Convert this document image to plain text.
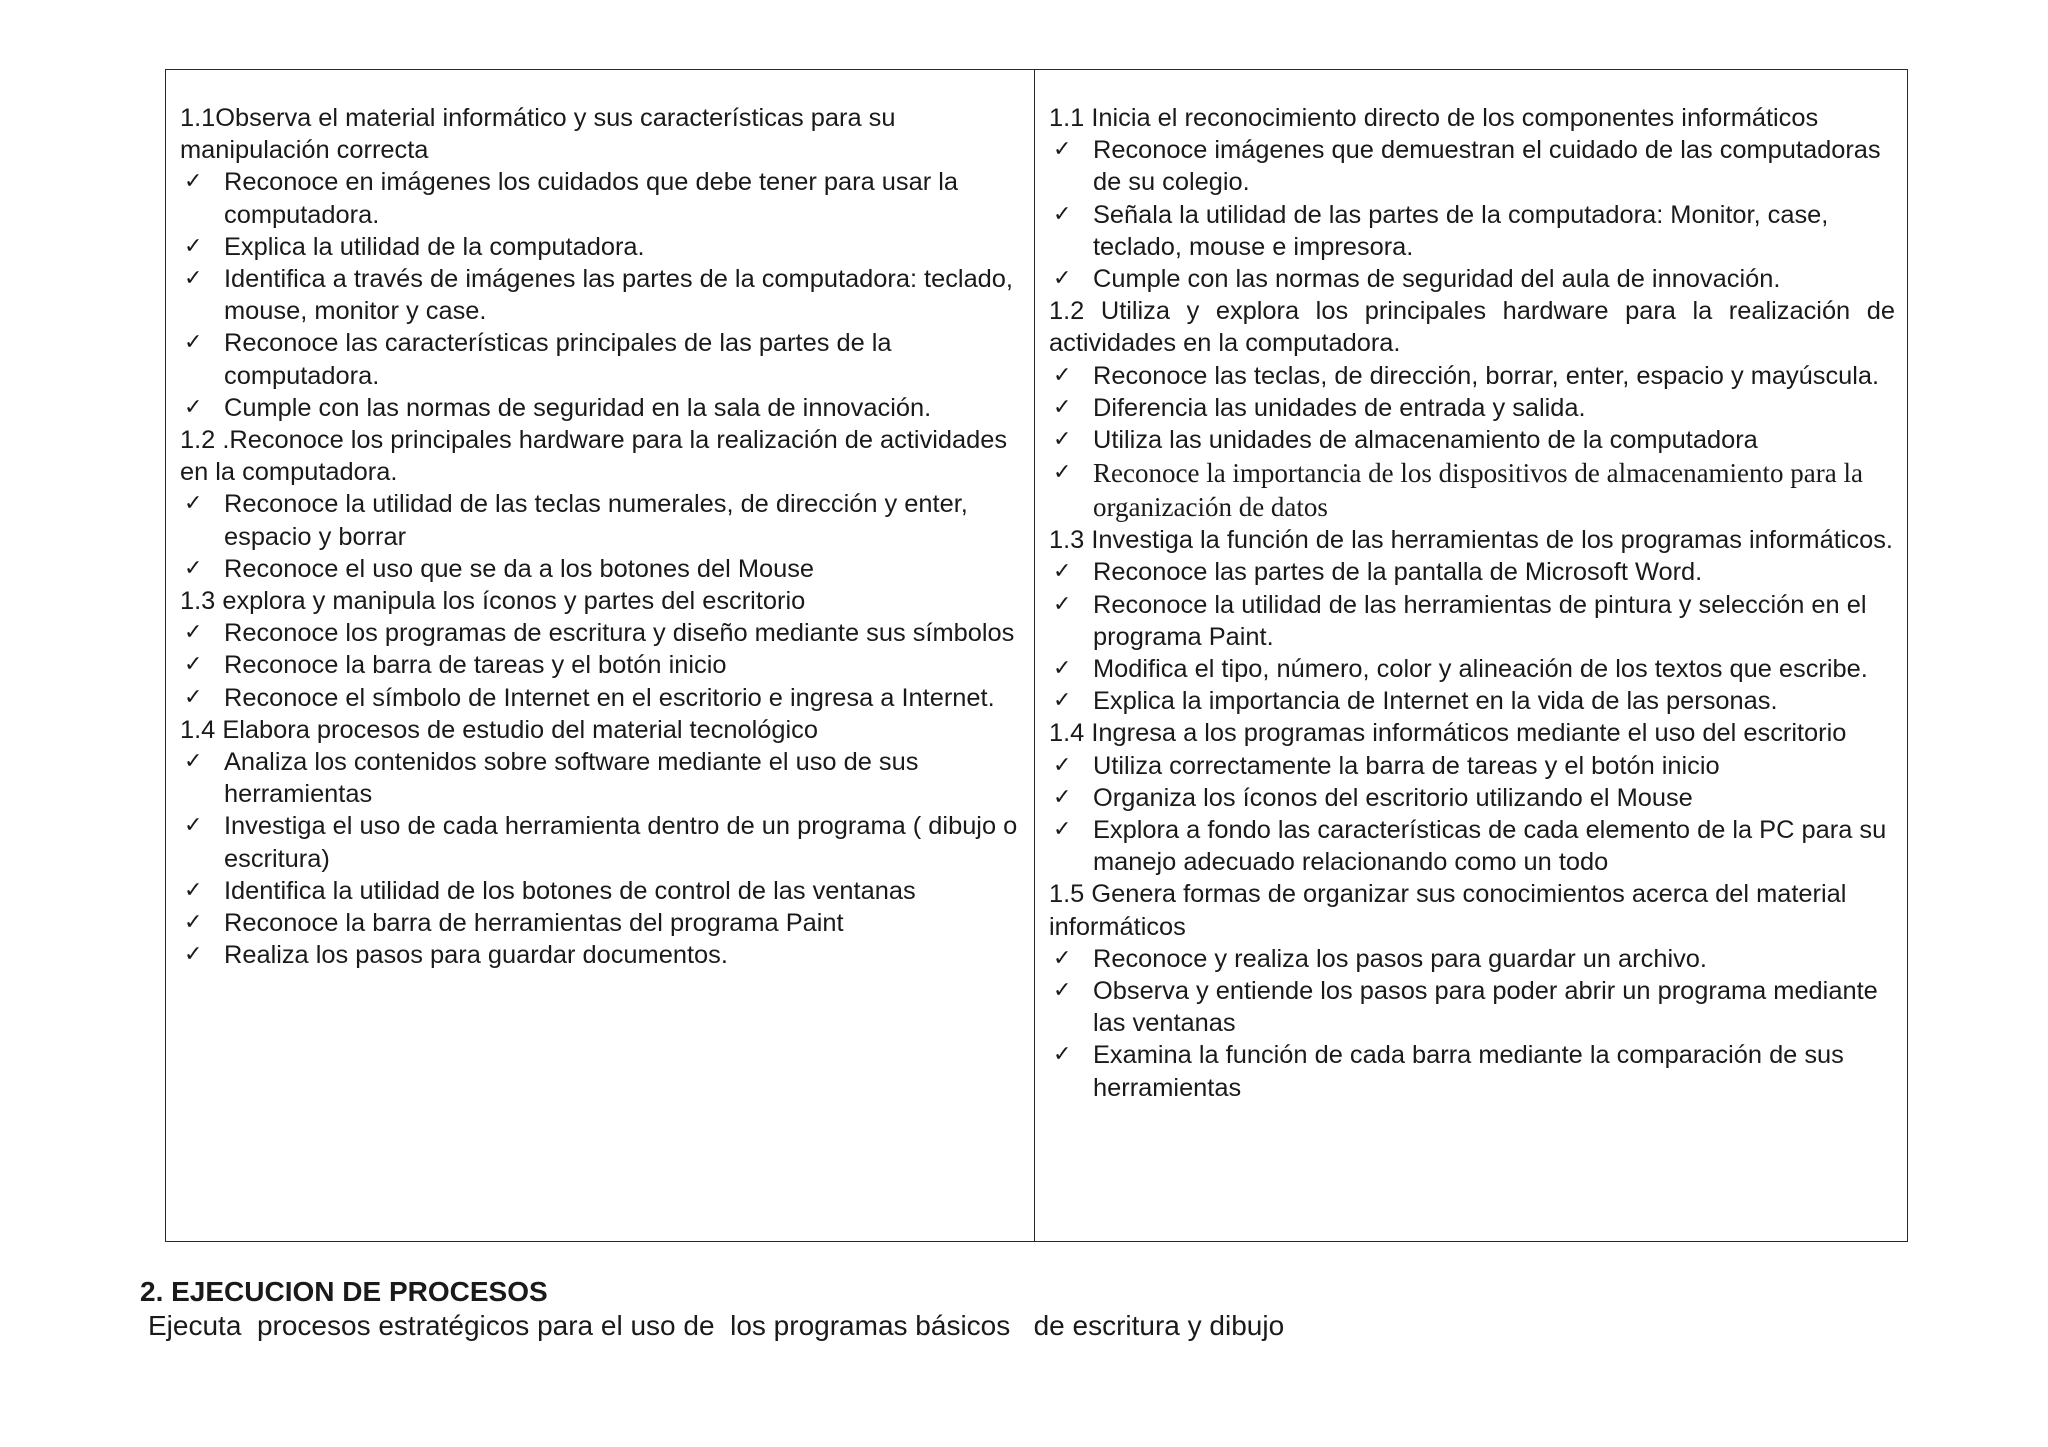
1.1Observa el material informático y sus características para su manipulación correcta
✓ Reconoce en imágenes los cuidados que debe tener para usar la computadora.
✓ Explica la utilidad de la computadora.
✓ Identifica a través de imágenes las partes de la computadora: teclado, mouse, monitor y case.
✓ Reconoce las características principales de las partes de la computadora.
✓ Cumple con las normas de seguridad en la sala de innovación.
1.2 .Reconoce los principales hardware para la realización de actividades en la computadora.
✓ Reconoce la utilidad de las teclas numerales, de dirección y enter, espacio y borrar
✓ Reconoce el uso que se da a los botones del Mouse
1.3 explora y manipula los íconos y partes del escritorio
✓ Reconoce los programas de escritura y diseño mediante sus símbolos
✓ Reconoce la barra de tareas y el botón inicio
✓ Reconoce el símbolo de Internet en el escritorio e ingresa a Internet.
1.4 Elabora procesos de estudio del material tecnológico
✓ Analiza los contenidos sobre software mediante el uso de sus herramientas
✓ Investiga el uso de cada herramienta dentro de un programa ( dibujo o escritura)
✓ Identifica la utilidad de los botones de control de las ventanas
✓ Reconoce la barra de herramientas del programa Paint
✓ Realiza los pasos para guardar documentos.
1.1 Inicia el reconocimiento directo de los componentes informáticos
✓ Reconoce imágenes que demuestran el cuidado de las computadoras de su colegio.
✓ Señala la utilidad de las partes de la computadora: Monitor, case, teclado, mouse e impresora.
✓ Cumple con las normas de seguridad del aula de innovación.
1.2 Utiliza y explora los principales hardware para la realización de actividades en la computadora.
✓ Reconoce las teclas, de dirección, borrar, enter, espacio y mayúscula.
✓ Diferencia las unidades de entrada y salida.
✓ Utiliza las unidades de almacenamiento de la computadora
✓ Reconoce la importancia de los dispositivos de almacenamiento para la organización de datos
1.3 Investiga la función de las herramientas de los programas informáticos.
✓ Reconoce las partes de la pantalla de Microsoft Word.
✓ Reconoce la utilidad de las herramientas de pintura y selección en el programa Paint.
✓ Modifica el tipo, número, color y alineación de los textos que escribe.
✓ Explica la importancia de Internet en la vida de las personas.
1.4 Ingresa a los programas informáticos mediante el uso del escritorio
✓ Utiliza correctamente la barra de tareas y el botón inicio
✓ Organiza los íconos del escritorio utilizando el Mouse
✓ Explora a fondo las características de cada elemento de la PC para su manejo adecuado relacionando como un todo
1.5 Genera formas de organizar sus conocimientos acerca del material informáticos
✓ Reconoce y realiza los pasos para guardar un archivo.
✓ Observa y entiende los pasos para poder abrir un programa mediante las ventanas
✓ Examina la función de cada barra mediante la comparación de sus herramientas
2. EJECUCION DE PROCESOS
Ejecuta  procesos estratégicos para el uso de  los programas básicos   de escritura y dibujo
